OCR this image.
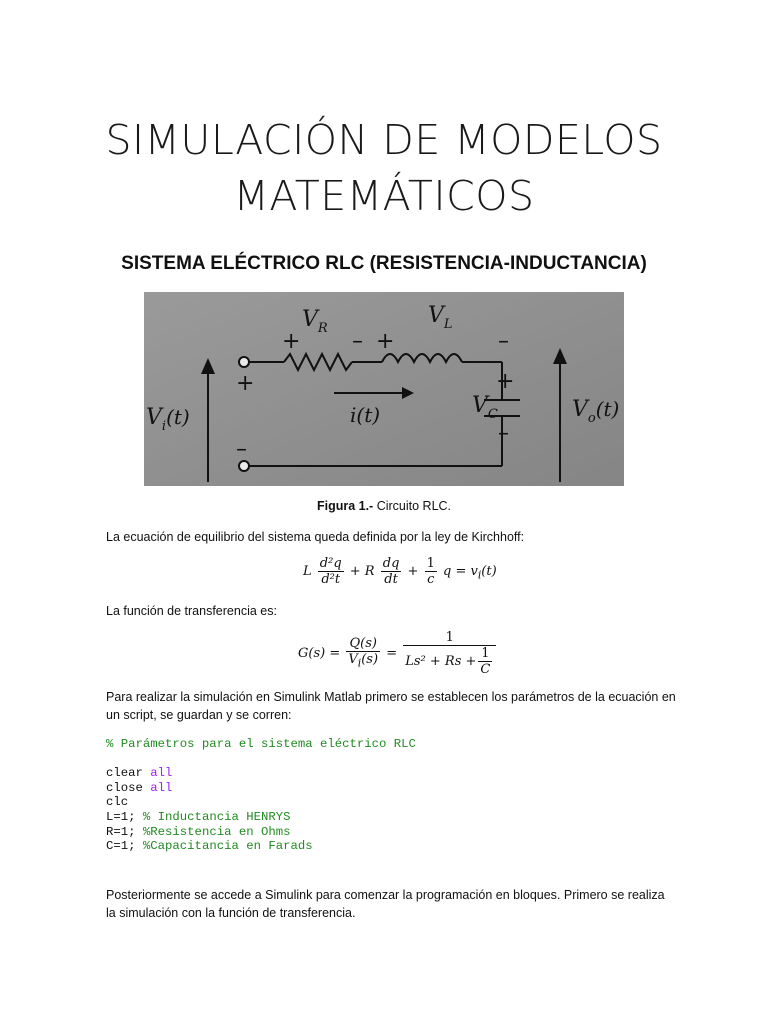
SIMULACIÓN DE MODELOS
MATEMÁTICOS
SISTEMA ELÉCTRICO RLC (RESISTENCIA-INDUCTANCIA)
$V_R$
$V_L$
$V_C$
$V_i(t)$	$V_o(t)$
i(t)
+ – +	–
+
–
+
–
Figura 1.- Circuito RLC.
La ecuación de equilibrio del sistema queda definida por la ley de Kirchhoff:
L $\frac{\text{d²q}}{\text{d²t}} + R \frac{dq}{dt} + \frac{1}{c}$ $q = v_i(t)$
La función de transferencia es:
$G(s) = \frac{Q(s)}{V_i(s)} = \frac{1}{Ls^2 + Rs + \frac{1}{C}}$
Para realizar la simulación en Simulink Matlab primero se establecen los parámetros de la ecuación en un script, se guardan y se corren:
% Parámetros para el sistema eléctrico RLC

clear all
close all
clc
L=1; % Inductancia HENRYS
R=1; %Resistencia en Ohms
C=1; %Capacitancia en Farads
Posteriormente se accede a Simulink para comenzar la programación en bloques. Primero se realiza la simulación con la función de transferencia.
